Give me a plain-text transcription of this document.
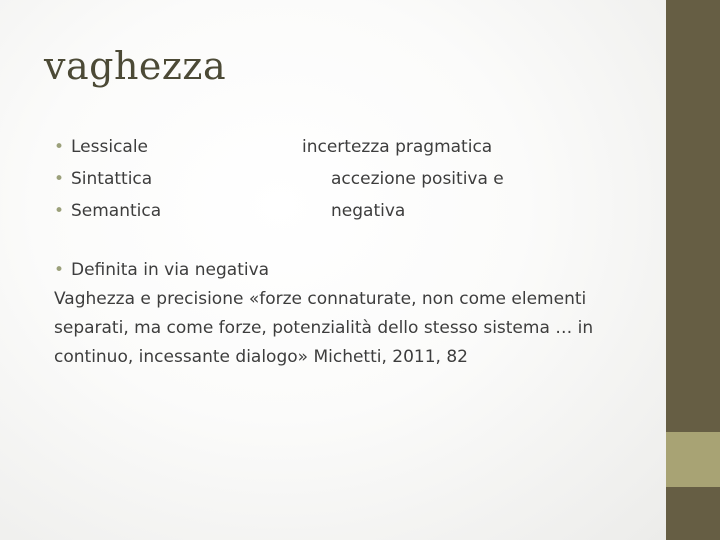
vaghezza
• Lessicale
• Sintattica
• Semantica
incertezza pragmatica
accezione positiva e
negativa
• Definita in via negativa
Vaghezza e precisione «forze connaturate, non come elementi
separati, ma come forze, potenzialità dello stesso sistema … in
continuo, incessante dialogo» Michetti, 2011, 82
